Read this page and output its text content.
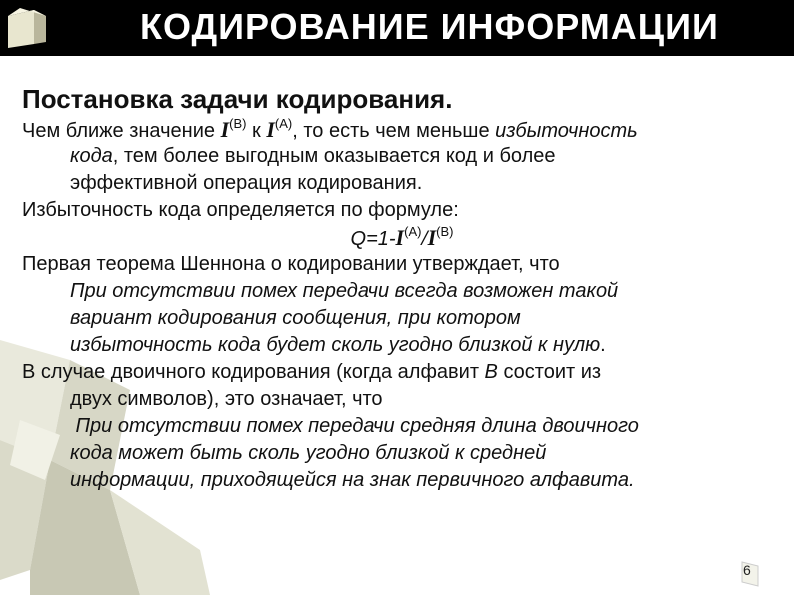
КОДИРОВАНИЕ ИНФОРМАЦИИ
Постановка задачи кодирования.
Чем ближе значение $I^{(B)}$ к $I^{(A)}$, то есть чем меньше избыточность
кода, тем более выгодным оказывается код и более
эффективной операция кодирования.
Избыточность кода определяется по формуле:
$Q=1-I^{(A)}/I^{(B)}$
Первая теорема Шеннона о кодировании утверждает, что
При отсутствии помех передачи всегда возможен такой
вариант кодирования сообщения, при котором
избыточность кода будет сколь угодно близкой к нулю.
В случае двоичного кодирования (когда алфавит B состоит из
двух символов), это означает, что
При отсутствии помех передачи средняя длина двоичного
кода может быть сколь угодно близкой к средней
информации, приходящейся на знак первичного алфавита.
6
